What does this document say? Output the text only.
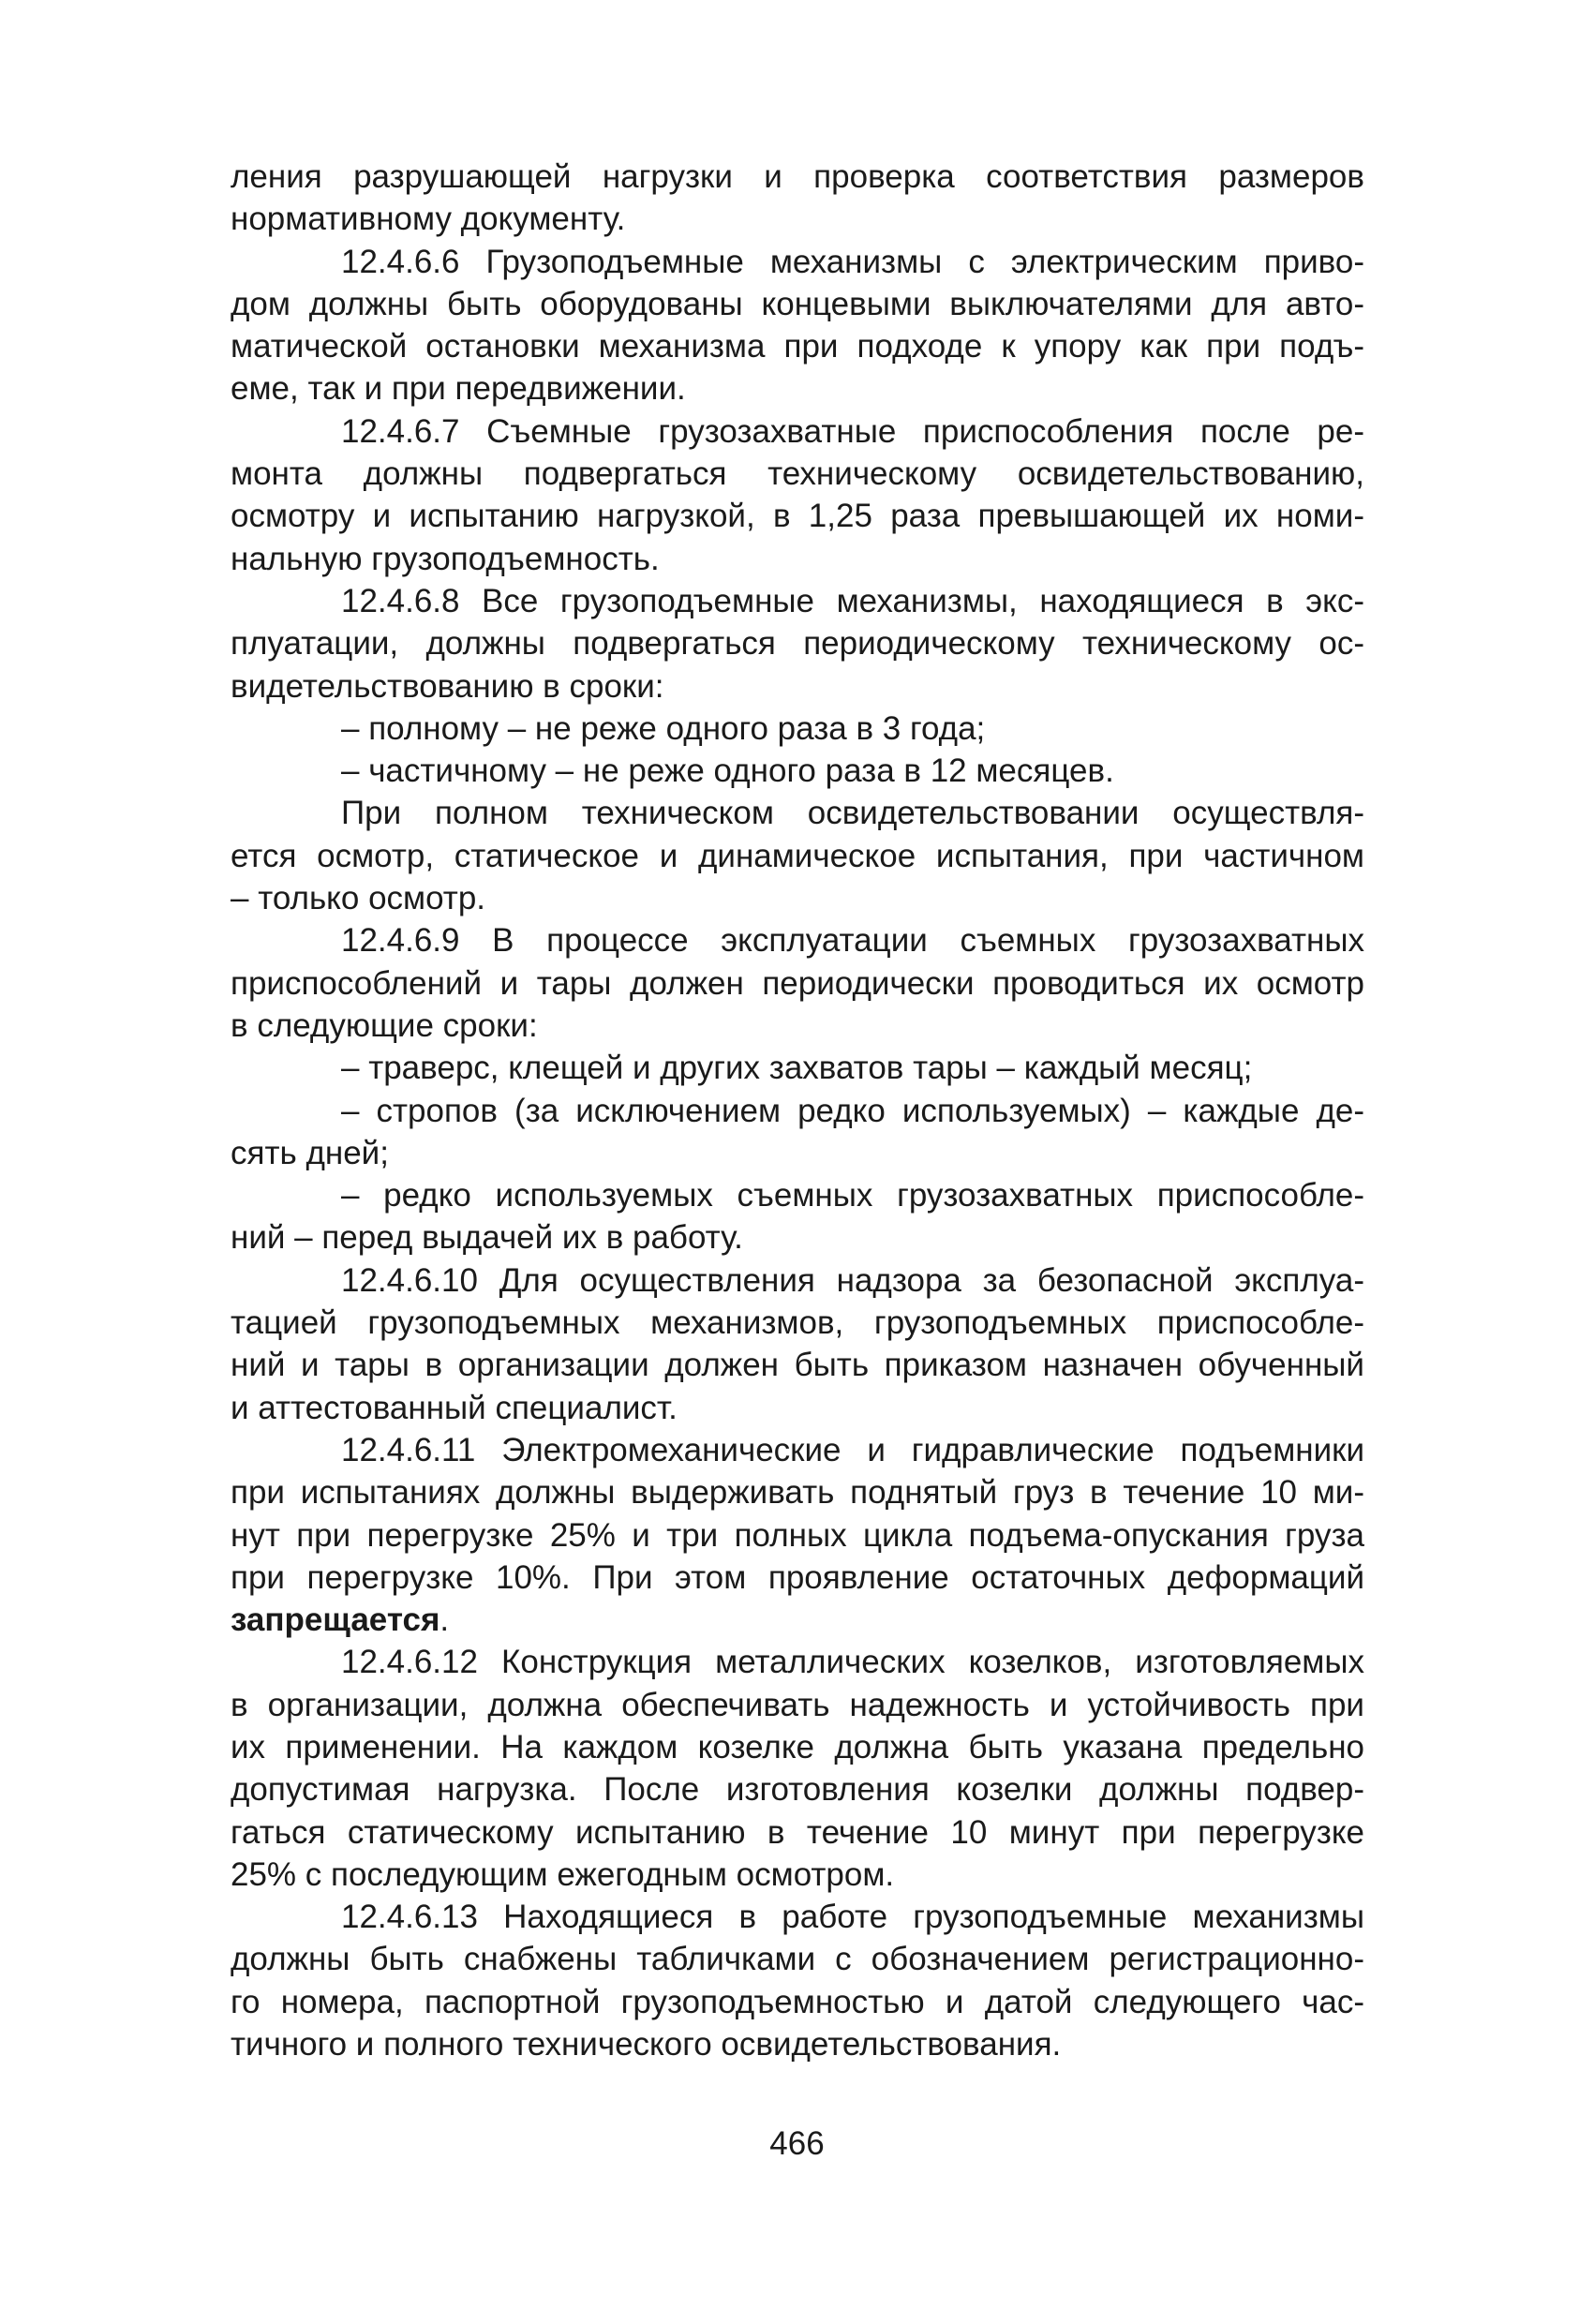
ления разрушающей нагрузки и проверка соответствия размеров
нормативному документу.
12.4.6.6 Грузоподъемные механизмы с электрическим приво-
дом должны быть оборудованы концевыми выключателями для авто-
матической остановки механизма при подходе к упору как при подъ-
еме, так и при передвижении.
12.4.6.7 Съемные грузозахватные приспособления после ре-
монта должны подвергаться техническому освидетельствованию,
осмотру и испытанию нагрузкой, в 1,25 раза превышающей их номи-
нальную грузоподъемность.
12.4.6.8 Все грузоподъемные механизмы, находящиеся в экс-
плуатации, должны подвергаться периодическому техническому ос-
видетельствованию в сроки:
– полному – не реже одного раза в 3 года;
– частичному – не реже одного раза в 12 месяцев.
При полном техническом освидетельствовании осуществля-
ется осмотр, статическое и динамическое испытания, при частичном
– только осмотр.
12.4.6.9 В процессе эксплуатации съемных грузозахватных
приспособлений и тары должен периодически проводиться их осмотр
в следующие сроки:
– траверс, клещей и других захватов тары – каждый месяц;
– стропов (за исключением редко используемых) – каждые де-
сять дней;
– редко используемых съемных грузозахватных приспособле-
ний – перед выдачей их в работу.
12.4.6.10 Для осуществления надзора за безопасной эксплуа-
тацией грузоподъемных механизмов, грузоподъемных приспособле-
ний и тары в организации должен быть приказом назначен обученный
и аттестованный специалист.
12.4.6.11 Электромеханические и гидравлические подъемники
при испытаниях должны выдерживать поднятый груз в течение 10 ми-
нут при перегрузке 25% и три полных цикла подъема-опускания груза
при перегрузке 10%. При этом проявление остаточных деформаций
запрещается.
12.4.6.12 Конструкция металлических козелков, изготовляемых
в организации, должна обеспечивать надежность и устойчивость при
их применении. На каждом козелке должна быть указана предельно
допустимая нагрузка. После изготовления козелки должны подвер-
гаться статическому испытанию в течение 10 минут при перегрузке
25% с последующим ежегодным осмотром.
12.4.6.13 Находящиеся в работе грузоподъемные механизмы
должны быть снабжены табличками с обозначением регистрационно-
го номера, паспортной грузоподъемностью и датой следующего час-
тичного и полного технического освидетельствования.
466
